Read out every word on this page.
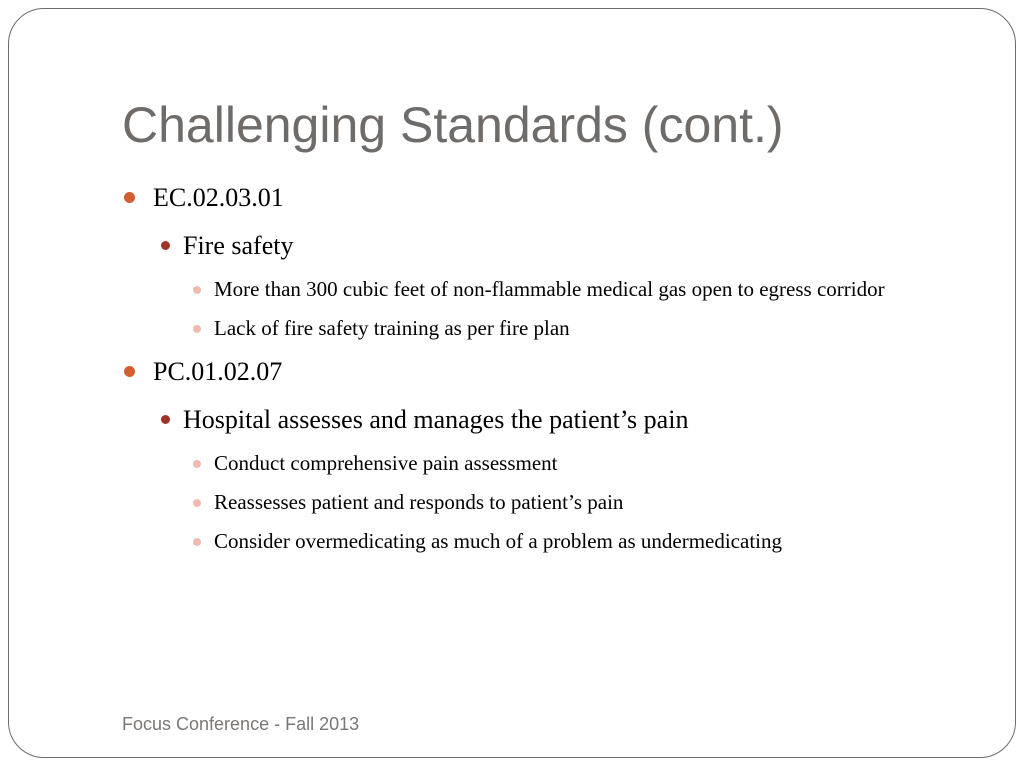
Challenging Standards (cont.)
EC.02.03.01
Fire safety
More than 300 cubic feet of non-flammable medical gas open to egress corridor
Lack of fire safety training as per fire plan
PC.01.02.07
Hospital assesses and manages the patient’s pain
Conduct comprehensive pain assessment
Reassesses patient and responds to patient’s pain
Consider overmedicating as much of a problem as undermedicating
Focus Conference - Fall 2013
